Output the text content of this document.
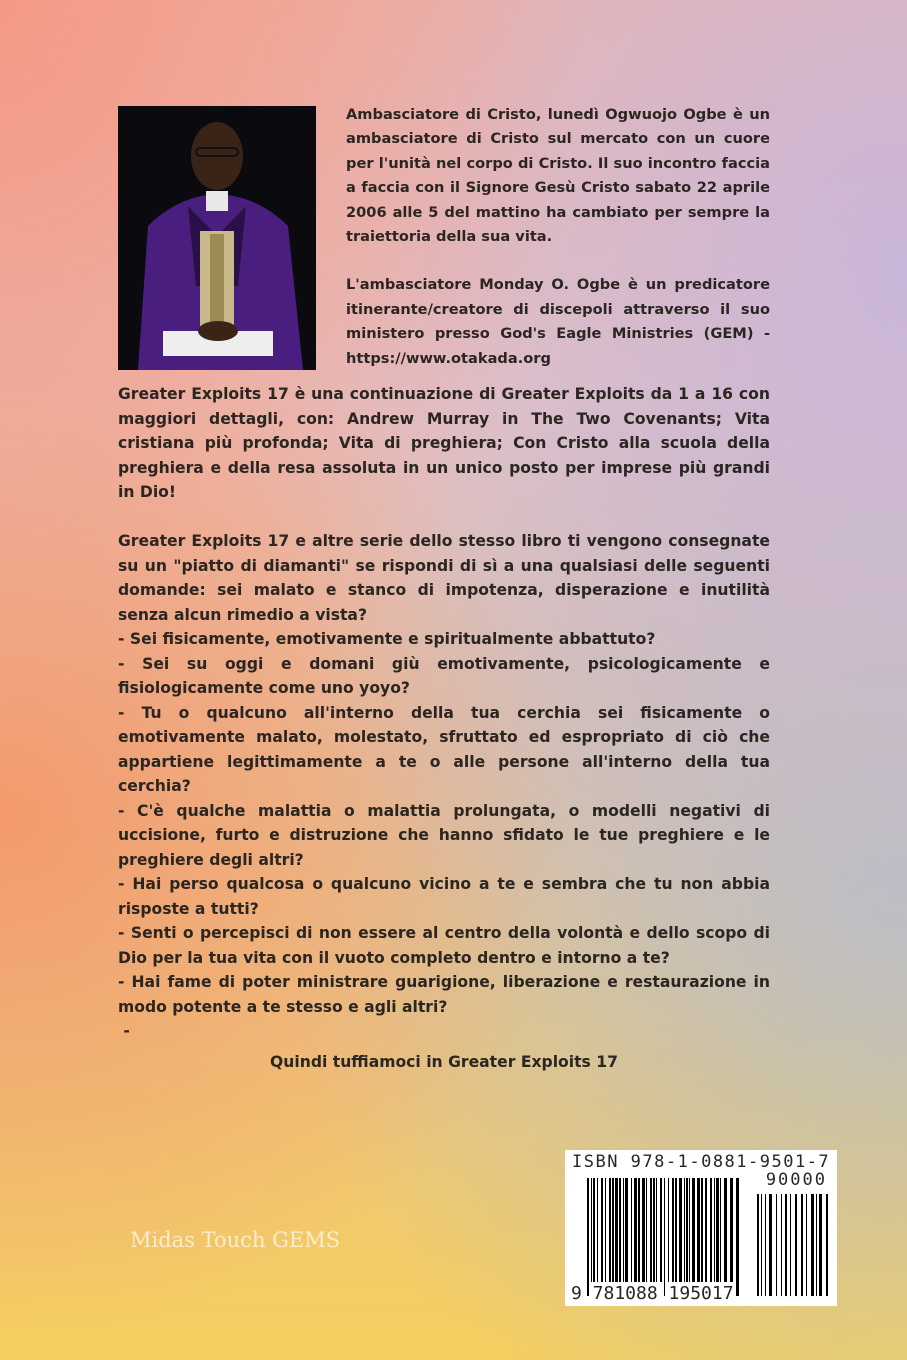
Ambasciatore di Cristo, lunedì Ogwuojo Ogbe è un ambasciatore di Cristo sul mercato con un cuore per l'unità nel corpo di Cristo. Il suo incontro faccia a faccia con il Signore Gesù Cristo sabato 22 aprile 2006 alle 5 del mattino ha cambiato per sempre la traiettoria della sua vita.

L'ambasciatore Monday O. Ogbe è un predicatore itinerante/creatore di discepoli attraverso il suo ministero presso God's Eagle Ministries (GEM) - https://www.otakada.org

Greater Exploits 17 è una continuazione di Greater Exploits da 1 a 16 con maggiori dettagli, con: Andrew Murray in The Two Covenants; Vita cristiana più profonda; Vita di preghiera; Con Cristo alla scuola della preghiera e della resa assoluta in un unico posto per imprese più grandi in Dio!

Greater Exploits 17 e altre serie dello stesso libro ti vengono consegnate su un "piatto di diamanti" se rispondi di sì a una qualsiasi delle seguenti domande: sei malato e stanco di impotenza, disperazione e inutilità senza alcun rimedio a vista?

- Sei fisicamente, emotivamente e spiritualmente abbattuto?

- Sei su oggi e domani giù emotivamente, psicologicamente e fisiologicamente come uno yoyo?

- Tu o qualcuno all'interno della tua cerchia sei fisicamente o emotivamente malato, molestato, sfruttato ed espropriato di ciò che appartiene legittimamente a te o alle persone all'interno della tua cerchia?

- C'è qualche malattia o malattia prolungata, o modelli negativi di uccisione, furto e distruzione che hanno sfidato le tue preghiere e le preghiere degli altri?

- Hai perso qualcosa o qualcuno vicino a te e sembra che tu non abbia risposte a tutti?

- Senti o percepisci di non essere al centro della volontà e dello scopo di Dio per la tua vita con il vuoto completo dentro e intorno a te?

- Hai fame di poter ministrare guarigione, liberazione e restaurazione in modo potente a te stesso e agli altri?

-

Quindi tuffiamoci in Greater Exploits 17

Midas Touch GEMS
ISBN 978-1-0881-9501-7
90000
9 781088 195017
